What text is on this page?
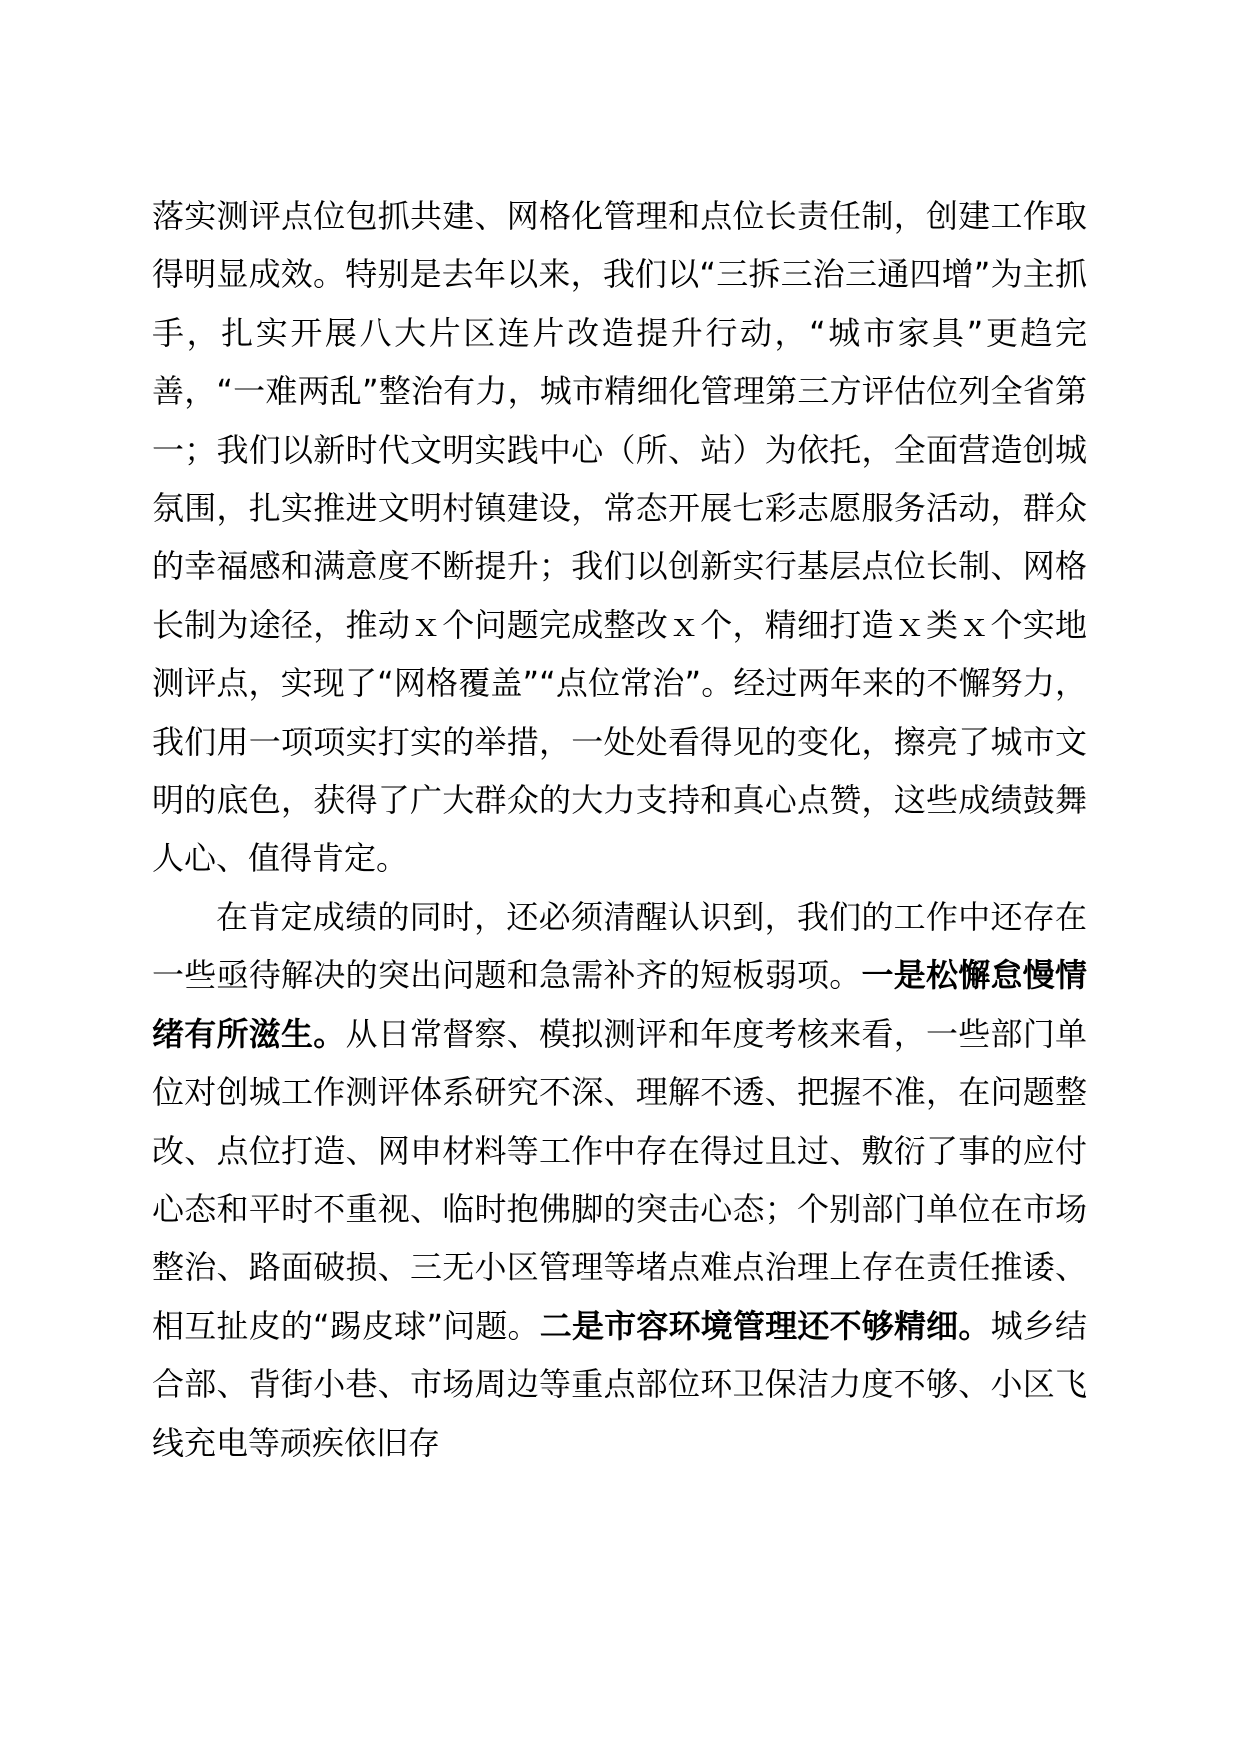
落实测评点位包抓共建、网格化管理和点位长责任制，创建工作取得明显成效。特别是去年以来，我们以“三拆三治三通四增”为主抓手，扎实开展八大片区连片改造提升行动，“城市家具”更趋完善，“一难两乱”整治有力，城市精细化管理第三方评估位列全省第一；我们以新时代文明实践中心（所、站）为依托，全面营造创城氛围，扎实推进文明村镇建设，常态开展七彩志愿服务活动，群众的幸福感和满意度不断提升；我们以创新实行基层点位长制、网格长制为途径，推动ｘ个问题完成整改ｘ个，精细打造ｘ类ｘ个实地测评点，实现了“网格覆盖”“点位常治”。经过两年来的不懈努力，我们用一项项实打实的举措，一处处看得见的变化，擦亮了城市文明的底色，获得了广大群众的大力支持和真心点赞，这些成绩鼓舞人心、值得肯定。

在肯定成绩的同时，还必须清醒认识到，我们的工作中还存在一些亟待解决的突出问题和急需补齐的短板弱项。一是松懈怠慢情绪有所滋生。从日常督察、模拟测评和年度考核来看，一些部门单位对创城工作测评体系研究不深、理解不透、把握不准，在问题整改、点位打造、网申材料等工作中存在得过且过、敷衍了事的应付心态和平时不重视、临时抱佛脚的突击心态；个别部门单位在市场整治、路面破损、三无小区管理等堵点难点治理上存在责任推诿、相互扯皮的“踢皮球”问题。二是市容环境管理还不够精细。城乡结合部、背街小巷、市场周边等重点部位环卫保洁力度不够、小区飞线充电等顽疾依旧存
